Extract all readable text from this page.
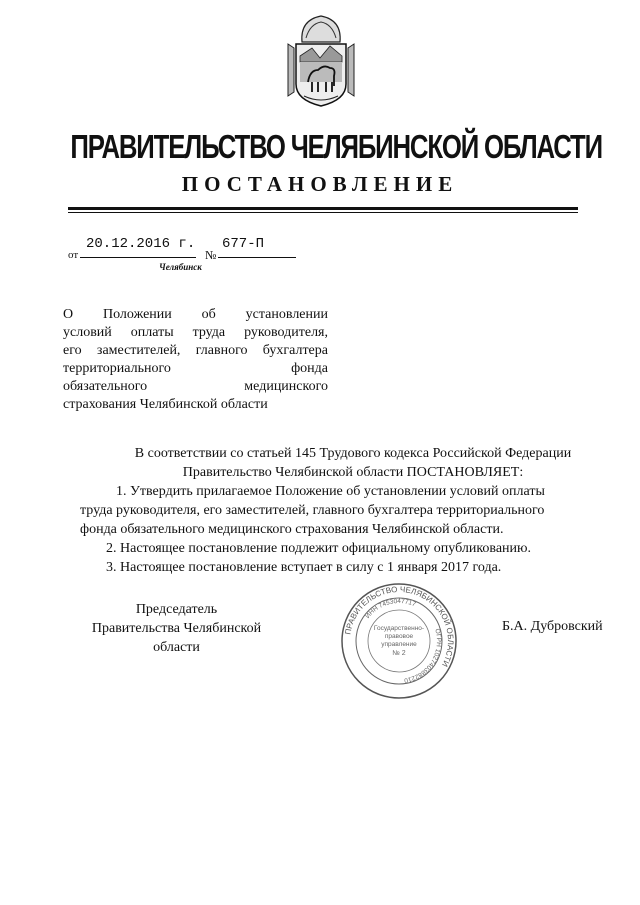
ПРАВИТЕЛЬСТВО ЧЕЛЯБИНСКОЙ ОБЛАСТИ
ПОСТАНОВЛЕНИЕ
от
20.12.2016 г.
№
677-П
Челябинск
О Положении об установлении
условий оплаты труда руководителя,
его заместителей, главного бухгалтера
территориального фонда
обязательного медицинского
страхования Челябинской области
В соответствии со статьей 145 Трудового кодекса Российской Федерации
Правительство Челябинской области ПОСТАНОВЛЯЕТ:
1. Утвердить прилагаемое Положение об установлении условий оплаты
труда руководителя, его заместителей, главного бухгалтера территориального
фонда обязательного медицинского страхования Челябинской области.
2. Настоящее постановление подлежит официальному опубликованию.
3. Настоящее постановление вступает в силу с 1 января 2017 года.
Председатель
Правительства Челябинской области
Б.А. Дубровский
ПРАВИТЕЛЬСТВО ЧЕЛЯБИНСКОЙ ОБЛАСТИ
ОГРН 1027403882210
ИНН 7453047717
Государственно-
правовое
управление
№ 2
